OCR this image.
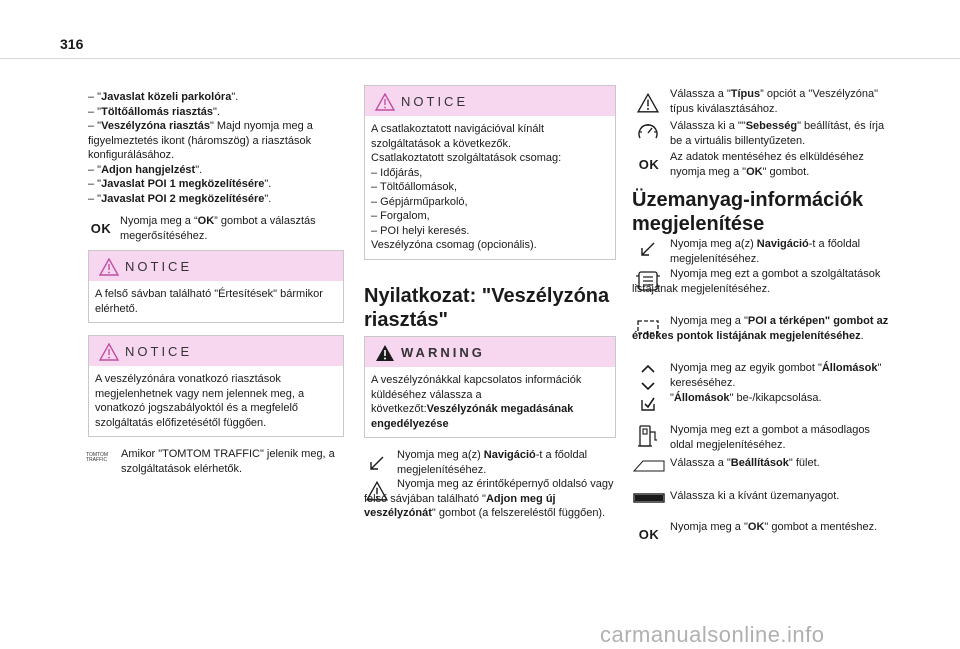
316

– "Javaslat közeli parkolóra".

– "Töltőállomás riasztás".

– "Veszélyzóna riasztás" Majd nyomja meg a figyelmeztetés ikont (háromszög) a riasztások konfigurálásához.

– "Adjon hangjelzést".

– "Javaslat POI 1 megközelítésére".

– "Javaslat POI 2 megközelítésére".

OK Nyomja meg a “OK” gombot a választás megerősítéséhez.
NOTICE
A felső sávban található "Értesítések" bármikor elérhető.
NOTICE
A veszélyzónára vonatkozó riasztások megjelenhetnek vagy nem jelennek meg, a vonatkozó jogszabályoktól és a megfelelő szolgáltatás előfizetésétől függően.
TOMTOM TRAFFIC	Amikor "TOMTOM TRAFFIC" jelenik meg, a szolgáltatások elérhetők.
NOTICE
A csatlakoztatott navigációval kínált szolgáltatások a következők.
Csatlakoztatott szolgáltatások csomag:
– Időjárás,
– Töltőállomások,
– Gépjárműparkoló,
– Forgalom,
– POI helyi keresés.
Veszélyzóna csomag (opcionális).
Nyilatkozat: "Veszélyzóna riasztás"
WARNING
A veszélyzónákkal kapcsolatos információk küldéséhez válassza a következőt:Veszélyzónák megadásának engedélyezése
Nyomja meg a(z) Navigáció-t a főoldal megjelenítéséhez.
Nyomja meg az érintőképernyő oldalsó vagy felső sávjában található "Adjon meg új veszélyzónát" gombot (a felszereléstől függően).
Válassza a "Típus” opciót a "Veszélyzóna" típus kiválasztásához.
Válassza ki a ""Sebesség" beállítást, és írja be a virtuális billentyűzeten.
OK Az adatok mentéséhez és elküldéséhez nyomja meg a "OK" gombot.
Üzemanyag-információk megjelenítése
Nyomja meg a(z) Navigáció-t a főoldal megjelenítéséhez.
Nyomja meg ezt a gombot a szolgáltatások listájának megjelenítéséhez.
Nyomja meg a "POI a térképen" gombot az érdekes pontok listájának megjelenítéséhez.
Nyomja meg az egyik gombot "Állomások" kereséséhez.
"Állomások" be-/kikapcsolása.
Nyomja meg ezt a gombot a másodlagos oldal megjelenítéséhez.
Válassza a "Beállítások" fület.
Válassza ki a kívánt üzemanyagot.
OK Nyomja meg a "OK" gombot a mentéshez.
carmanualsonline.info
